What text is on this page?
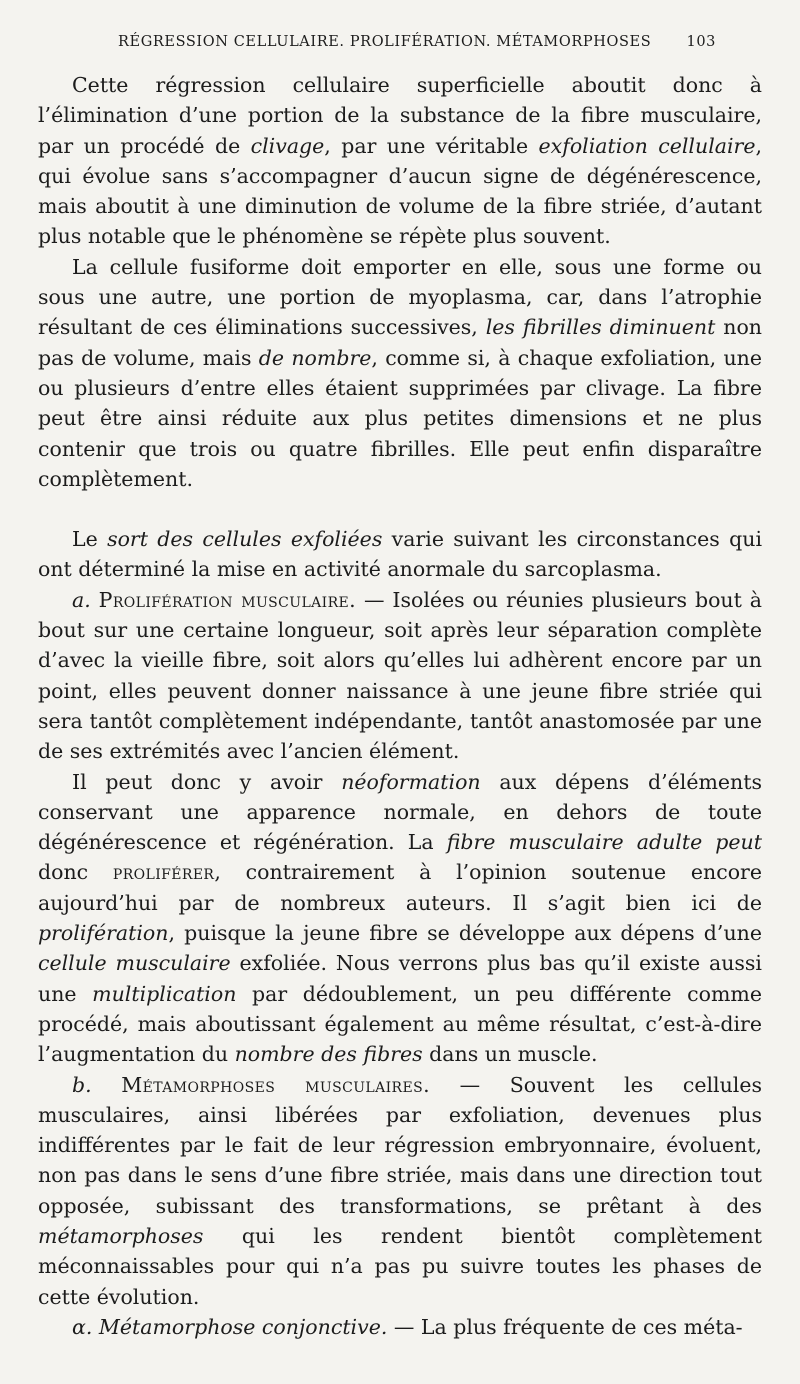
RÉGRESSION CELLULAIRE. PROLIFÉRATION. MÉTAMORPHOSES 103

Cette régression cellulaire superficielle aboutit donc à l’élimination d’une portion de la substance de la fibre musculaire, par un procédé de clivage, par une véritable exfoliation cellulaire, qui évolue sans s’accompagner d’aucun signe de dégénérescence, mais aboutit à une diminution de volume de la fibre striée, d’autant plus notable que le phénomène se répète plus souvent.

La cellule fusiforme doit emporter en elle, sous une forme ou sous une autre, une portion de myoplasma, car, dans l’atrophie résultant de ces éliminations successives, les fibrilles diminuent non pas de volume, mais de nombre, comme si, à chaque exfoliation, une ou plusieurs d’entre elles étaient supprimées par clivage. La fibre peut être ainsi réduite aux plus petites dimensions et ne plus contenir que trois ou quatre fibrilles. Elle peut enfin disparaître complètement.

Le sort des cellules exfoliées varie suivant les circonstances qui ont déterminé la mise en activité anormale du sarcoplasma.

a. Prolifération musculaire. — Isolées ou réunies plusieurs bout à bout sur une certaine longueur, soit après leur séparation complète d’avec la vieille fibre, soit alors qu’elles lui adhèrent encore par un point, elles peuvent donner naissance à une jeune fibre striée qui sera tantôt complètement indépendante, tantôt anastomosée par une de ses extrémités avec l’ancien élément.

Il peut donc y avoir néoformation aux dépens d’éléments conservant une apparence normale, en dehors de toute dégénérescence et régénération. La fibre musculaire adulte peut donc proliférer, contrairement à l’opinion soutenue encore aujourd’hui par de nombreux auteurs. Il s’agit bien ici de prolifération, puisque la jeune fibre se développe aux dépens d’une cellule musculaire exfoliée. Nous verrons plus bas qu’il existe aussi une multiplication par dédoublement, un peu différente comme procédé, mais aboutissant également au même résultat, c’est-à-dire l’augmentation du nombre des fibres dans un muscle.

b. Métamorphoses musculaires. — Souvent les cellules musculaires, ainsi libérées par exfoliation, devenues plus indifférentes par le fait de leur régression embryonnaire, évoluent, non pas dans le sens d’une fibre striée, mais dans une direction tout opposée, subissant des transformations, se prêtant à des métamorphoses qui les rendent bientôt complètement méconnaissables pour qui n’a pas pu suivre toutes les phases de cette évolution.

α. Métamorphose conjonctive. — La plus fréquente de ces méta-
